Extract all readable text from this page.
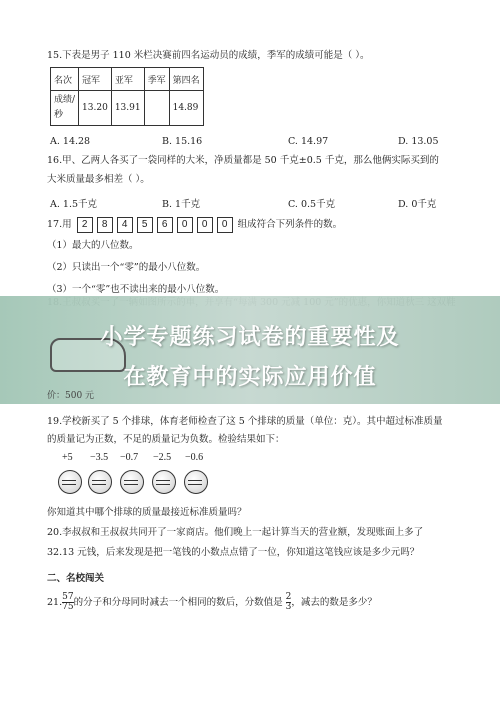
15.下表是男子 110 米栏决赛前四名运动员的成绩，季军的成绩可能是（ ）。
名次	冠军	亚军	季军	第四名
成绩/
秒	13.20	13.91		14.89
A. 14.28	B. 15.16	C. 14.97	D. 13.05
16.甲、乙两人各买了一袋同样的大米，净质量都是 50 千克±0.5 千克，那么他俩实际买到的
大米质量最多相差（ ）。
A. 1.5千克	B. 1千克	C. 0.5千克	D. 0千克
17.用 2 8 4 5 6 0 0 0 组成符合下列条件的数。
（1）最大的八位数。
（2）只读出一个“零”的最小八位数。
（3）一个“零”也不读出来的最小八位数。
小学专题练习试卷的重要性及
在教育中的实际应用价值
价：500 元
19.学校新买了 5 个排球，体育老师检查了这 5 个排球的质量（单位：克）。其中超过标准质量
的质量记为正数，不足的质量记为负数。检验结果如下：
+5 −3.5 −0.7 −2.5 −0.6
你知道其中哪个排球的质量最接近标准质量吗？
20.李叔叔和王叔叔共同开了一家商店。他们晚上一起计算当天的营业额，发现账面上多了
32.13 元钱，后来发现是把一笔钱的小数点点错了一位，你知道这笔钱应该是多少元吗？
二、名校闯关
21. $\frac{57}{75}$ 的分子和分母同时减去一个相同的数后，分数值是 $\frac{2}{3}$ ，减去的数是多少？
